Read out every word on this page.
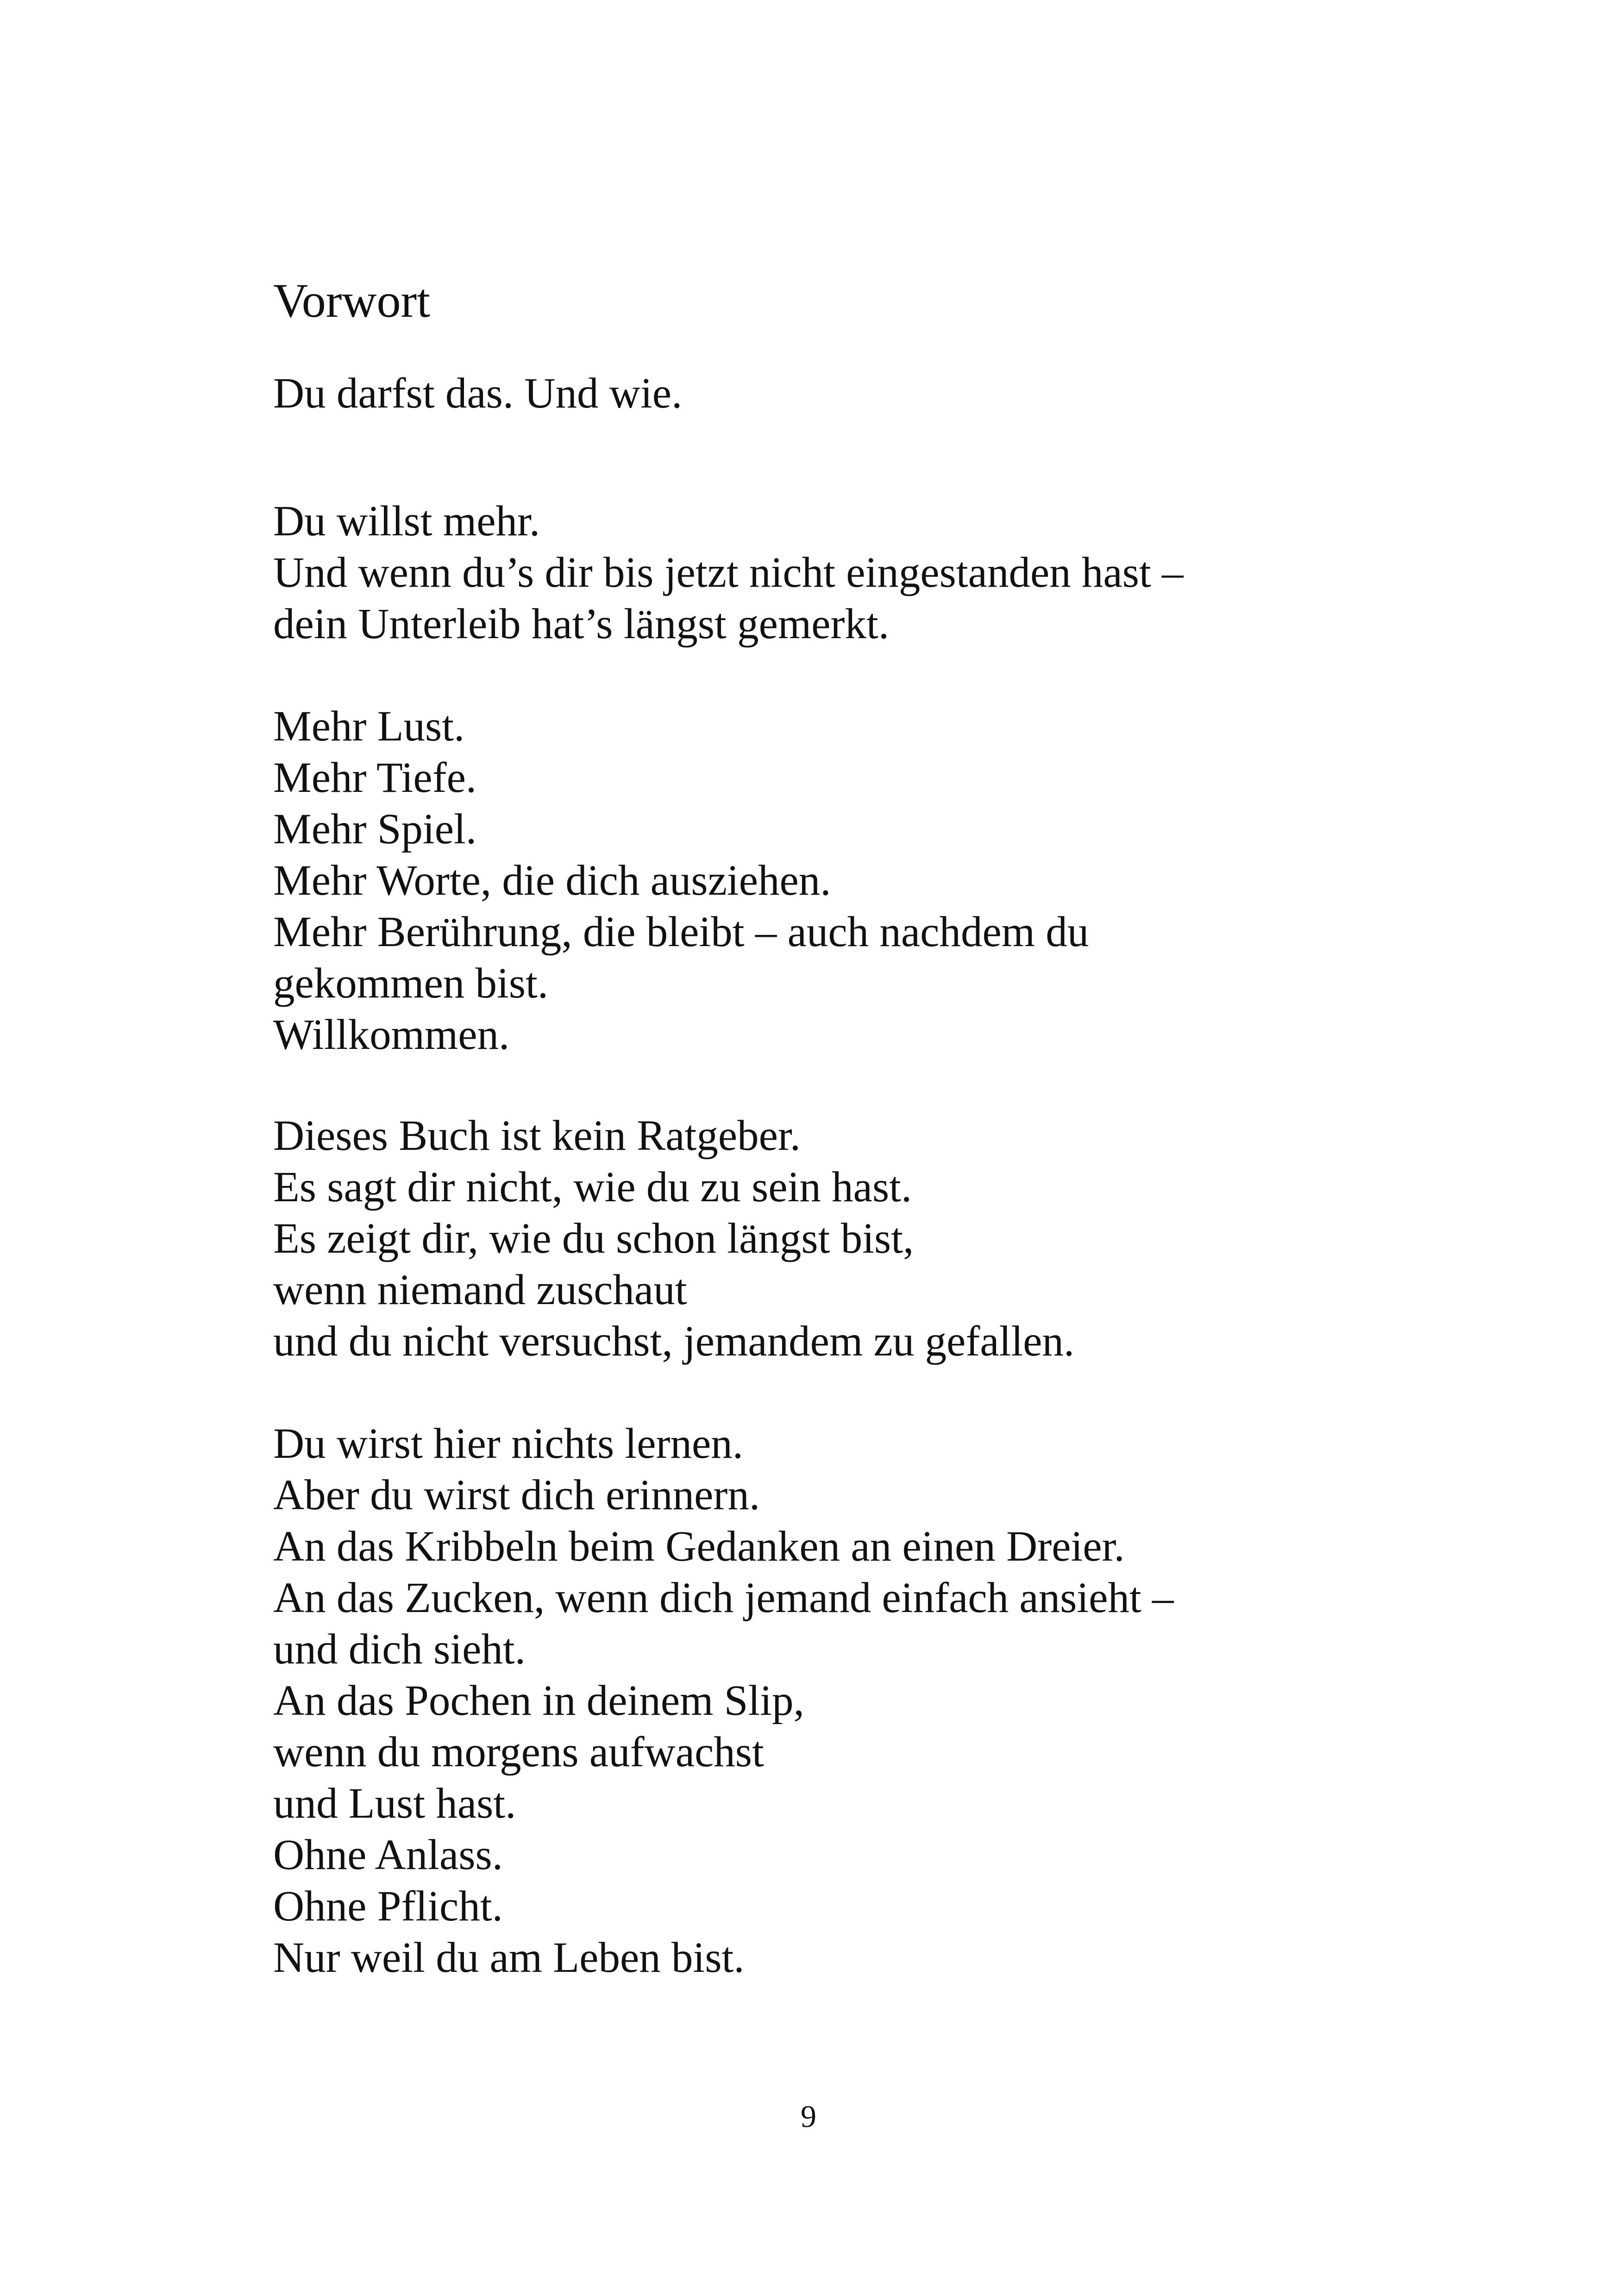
Vorwort
Du darfst das. Und wie.

Du willst mehr.
Und wenn du’s dir bis jetzt nicht eingestanden hast –
dein Unterleib hat’s längst gemerkt.

Mehr Lust.
Mehr Tiefe.
Mehr Spiel.
Mehr Worte, die dich ausziehen.
Mehr Berührung, die bleibt – auch nachdem du
gekommen bist.
Willkommen.

Dieses Buch ist kein Ratgeber.
Es sagt dir nicht, wie du zu sein hast.
Es zeigt dir, wie du schon längst bist,
wenn niemand zuschaut
und du nicht versuchst, jemandem zu gefallen.

Du wirst hier nichts lernen.
Aber du wirst dich erinnern.
An das Kribbeln beim Gedanken an einen Dreier.
An das Zucken, wenn dich jemand einfach ansieht –
und dich sieht.
An das Pochen in deinem Slip,
wenn du morgens aufwachst
und Lust hast.
Ohne Anlass.
Ohne Pflicht.
Nur weil du am Leben bist.

9
